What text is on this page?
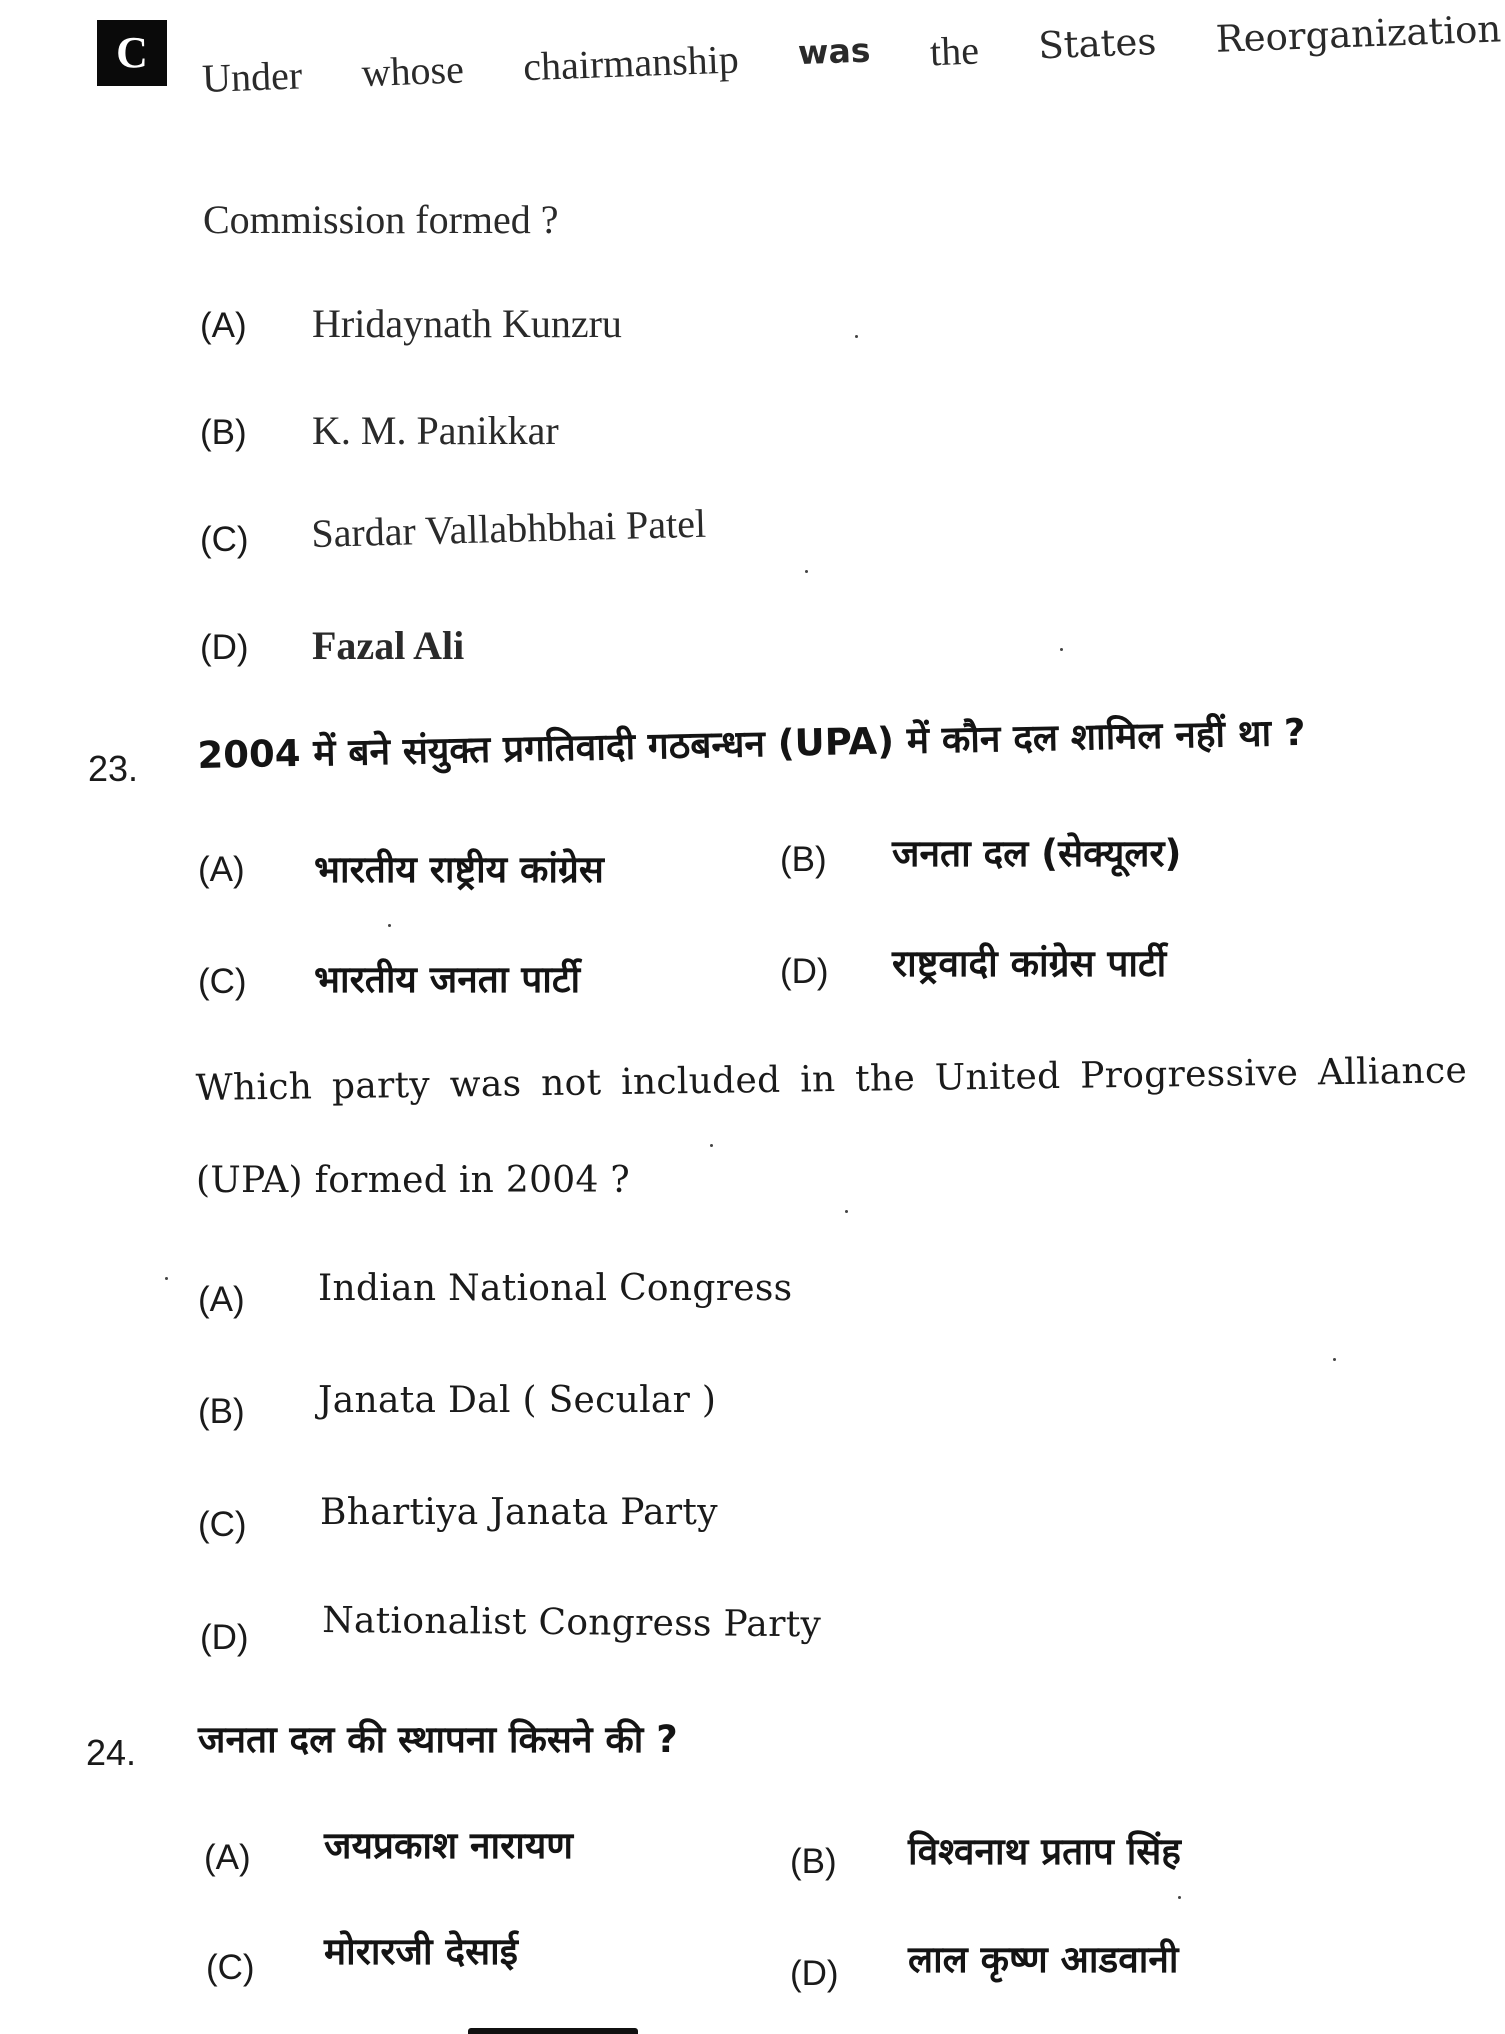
C	Under whose chairmanship was the States Reorganization
Commission formed ?
(A) Hridaynath Kunzru
(B) K. M. Panikkar
(C) Sardar Vallabhbhai Patel
(D) Fazal Ali
23. 2004 में बने संयुक्त प्रगतिवादी गठबन्धन (UPA) में कौन दल शामिल नहीं था ?
(A) भारतीय राष्ट्रीय कांग्रेस	(B) जनता दल (सेक्यूलर)
(C) भारतीय जनता पार्टी	(D) राष्ट्रवादी कांग्रेस पार्टी
Which party was not included in the United Progressive Alliance
(UPA) formed in 2004 ?
(A) Indian National Congress
(B) Janata Dal ( Secular )
(C) Bhartiya Janata Party
(D) Nationalist Congress Party
24. जनता दल की स्थापना किसने की ?
(A) जयप्रकाश नारायण	(B) विश्वनाथ प्रताप सिंह
(C) मोरारजी देसाई
(D) लाल कृष्ण आडवानी
